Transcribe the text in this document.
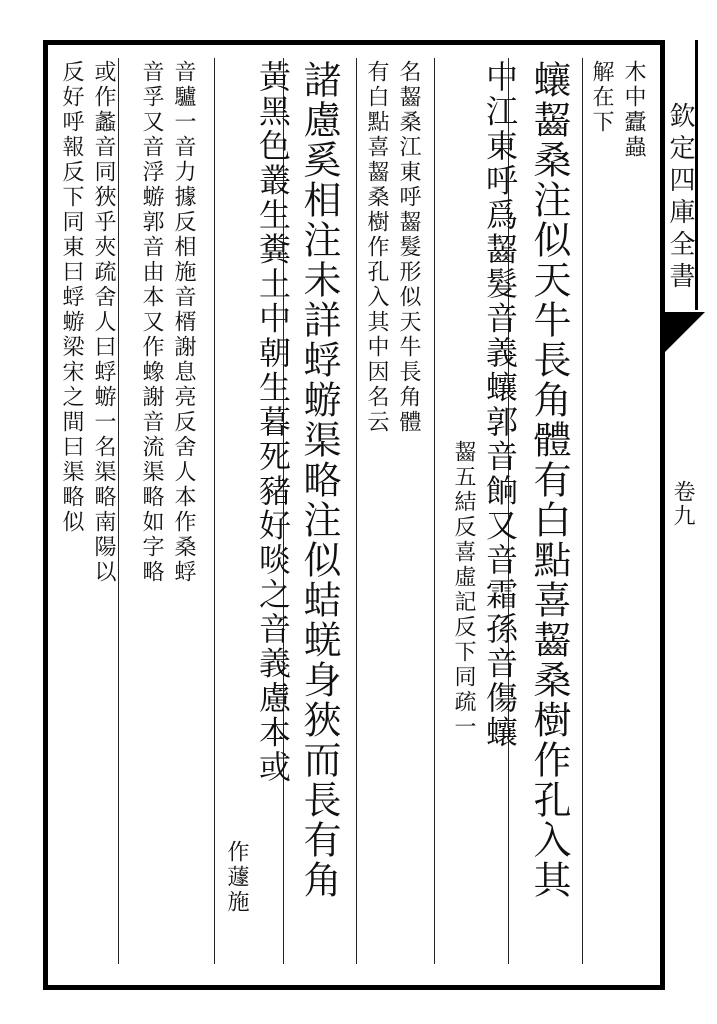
欽定四庫全書
卷九

木中蠹蟲

解在下

蠰齧桑注似天牛長角體有白點喜齧桑樹作孔入其

中江東呼爲齧髮音義蠰郭音餉又音霜孫音傷蠰

齧五結反喜虛記反下同疏一

名齧桑江東呼齧髮形似天牛長角體

有白點喜齧桑樹作孔入其中因名云

諸慮奚相注未詳蜉蝣渠略注似蛣蜣身狹而長有角

黃黑色叢生糞土中朝生暮死豬好啖之音義慮本或

作蘧施

音驢一音力據反相施音楈謝息亮反舍人本作桑蜉

音孚又音浮蝣郭音由本又作蟓謝音流渠略如字略

或作蠡音同狹乎夾疏舍人曰蜉蝣一名渠略南陽以

反好呼報反下同東曰蜉蝣梁宋之間曰渠略似
